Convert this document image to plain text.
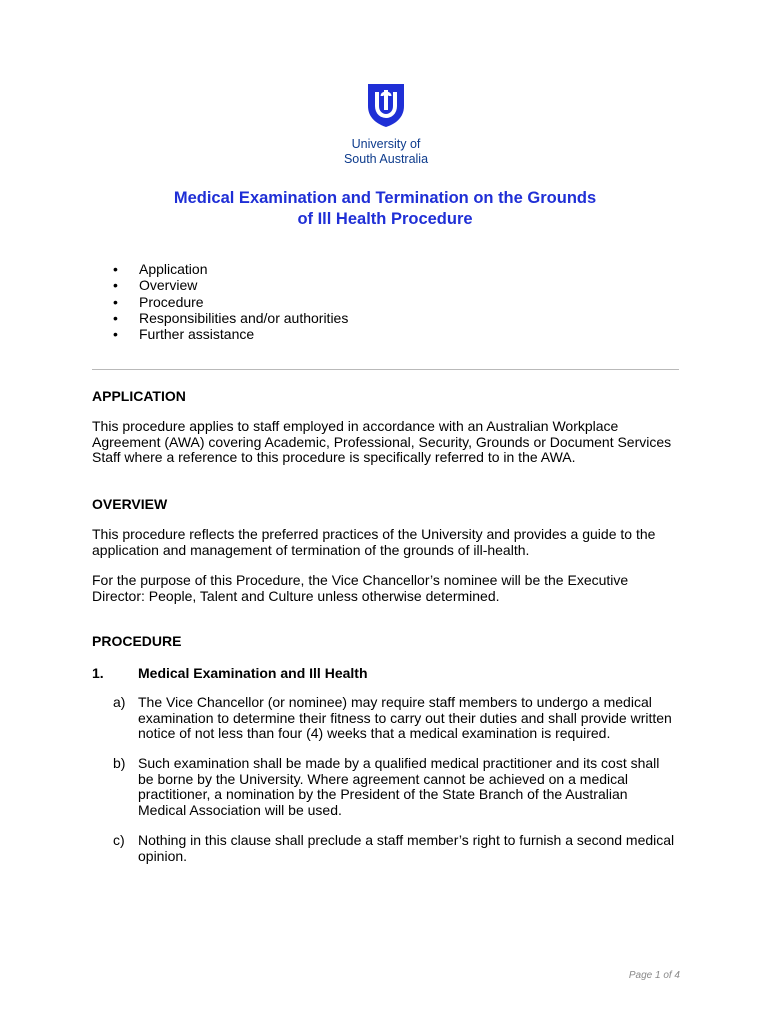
University of
South Australia
Medical Examination and Termination on the Grounds
of Ill Health Procedure
• Application
• Overview
• Procedure
• Responsibilities and/or authorities
• Further assistance
APPLICATION
This procedure applies to staff employed in accordance with an Australian Workplace Agreement (AWA) covering Academic, Professional, Security, Grounds or Document Services Staff where a reference to this procedure is specifically referred to in the AWA.
OVERVIEW
This procedure reflects the preferred practices of the University and provides a guide to the application and management of termination of the grounds of ill-health.
For the purpose of this Procedure, the Vice Chancellor’s nominee will be the Executive Director: People, Talent and Culture unless otherwise determined.
PROCEDURE
1. Medical Examination and Ill Health
a) The Vice Chancellor (or nominee) may require staff members to undergo a medical examination to determine their fitness to carry out their duties and shall provide written notice of not less than four (4) weeks that a medical examination is required.
b) Such examination shall be made by a qualified medical practitioner and its cost shall be borne by the University. Where agreement cannot be achieved on a medical practitioner, a nomination by the President of the State Branch of the Australian Medical Association will be used.
c) Nothing in this clause shall preclude a staff member’s right to furnish a second medical opinion.
Page 1 of 4
